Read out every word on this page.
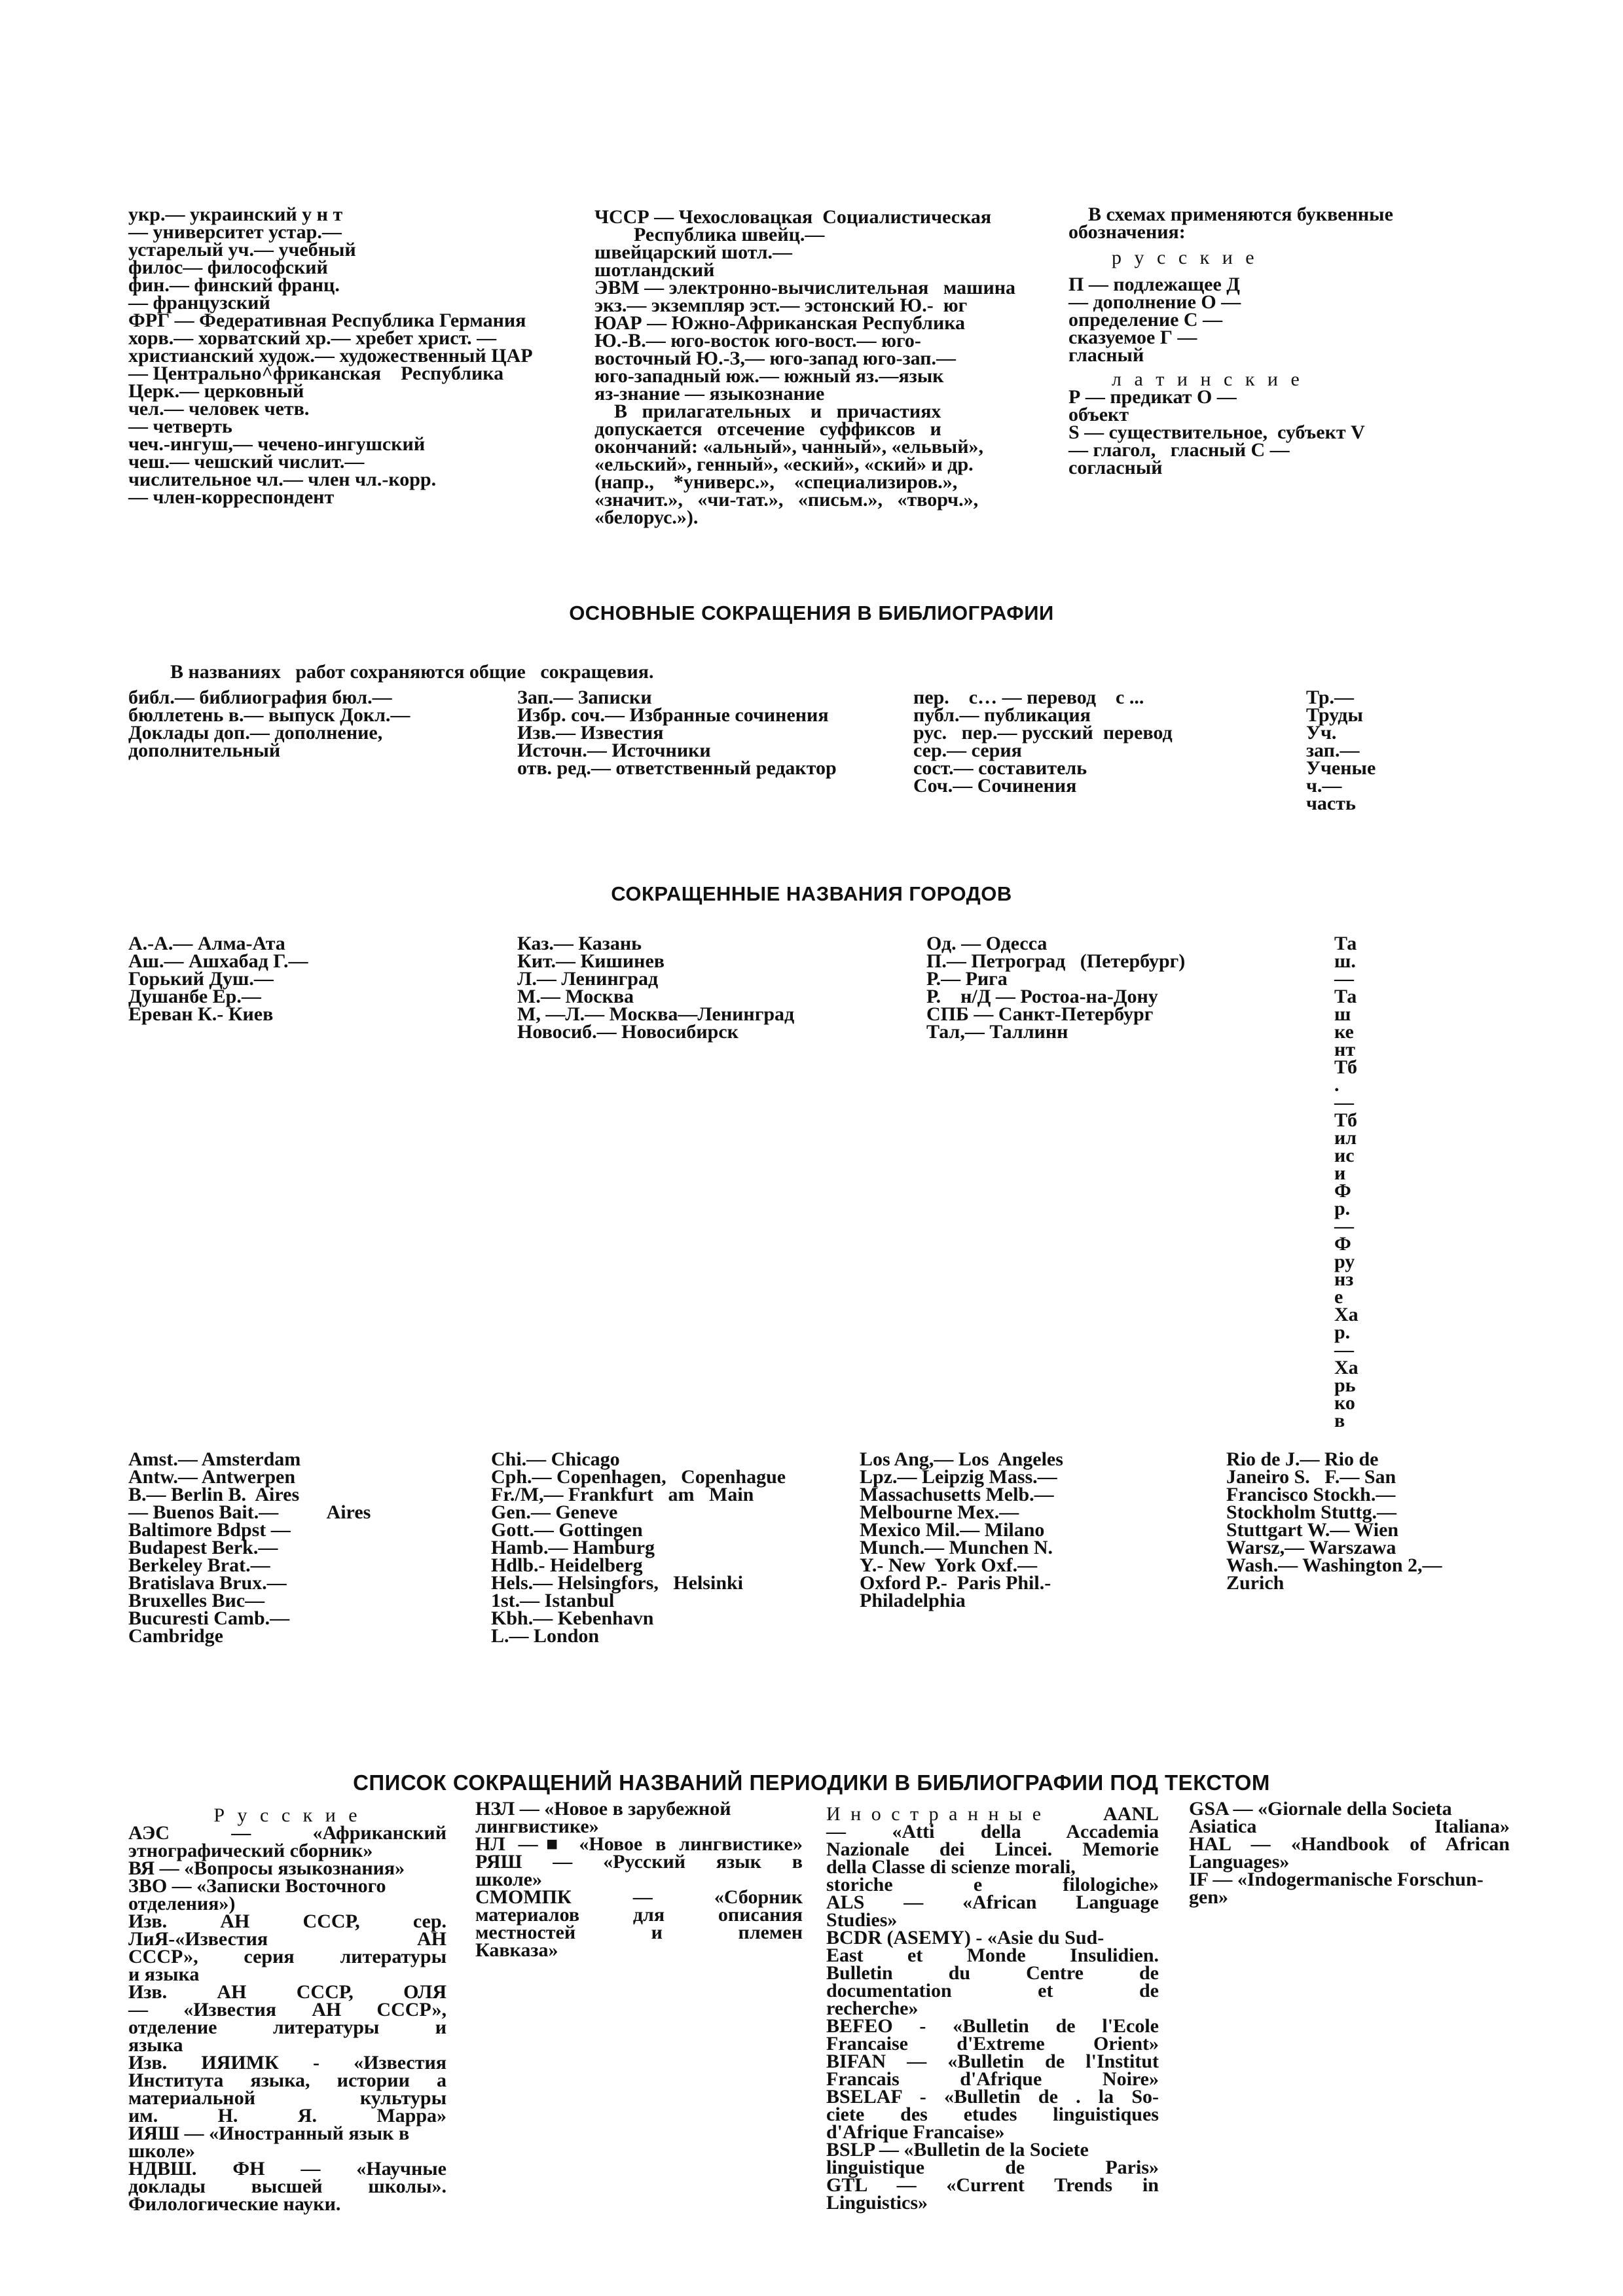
укр.— украинский у н т
— университет устар.—
устарелый уч.— учебный
филос— философский
фин.— финский франц.
— французский
ФРГ — Федеративная Республика Германия
хорв.— хорватский хр.— хребет христ. —
христианский худож.— художественный ЦАР
— Центрально^фриканская    Республика
Церк.— церковный
чел.— человек четв.
— четверть
чеч.-ингуш,— чечено-ингушский
чеш.— чешский числит.—
числительное чл.— член чл.-корр.
— член-корреспондент
ЧССР — Чехословацкая  Социалистическая
Республика швейц.—
швейцарский шотл.—
шотландский
ЭВМ — электронно-вычислительная   машина
экз.— экземпляр эст.— эстонский Ю.-  юг
ЮАР — Южно-Африканская Республика
Ю.-В.— юго-восток юго-вост.— юго-
восточный Ю.-З,— юго-запад юго-зап.—
юго-западный юж.— южный яз.—язык
яз-знание — языкознание
В   прилагательных    и   причастиях
допускается   отсечение   суффиксов   и
окончаний: «альный», чанный», «ельвый»,
«ельский», генный», «еский», «ский» и др.
(напр.,    *универс.»,    «специализиров.»,
«значит.»,   «чи-тат.»,   «письм.»,   «творч.»,
«белорус.»).
В схемах применяются буквенные
обозначения:
р у с с к и е
П — подлежащее Д
— дополнение О —
определение С —
сказуемое Г —
гласный
л а т и н с к и е
Р — предикат О —
объект
S — существительное,  субъект V
— глагол,   гласный С —
согласный
ОСНОВНЫЕ СОКРАЩЕНИЯ В БИБЛИОГРАФИИ
В названиях   работ сохраняются общие   сокращевия.
библ.— библиография бюл.—
бюллетень в.— выпуск Докл.—
Доклады доп.— дополнение,
дополнительный
Зап.— Записки
Избр. соч.— Избранные сочинения
Изв.— Известия
Источн.— Источники
отв. ред.— ответственный редактор
пер.    с… — перевод    с ...
публ.— публикация
рус.   пер.— русский  перевод
сер.— серия
сост.— составитель
Соч.— Сочинения
Тр.—
Труды
Уч.
зап.—
Ученые
ч.—
часть
СОКРАЩЕННЫЕ НАЗВАНИЯ ГОРОДОВ
А.-А.— Алма-Ата
Аш.— Ашхабад Г.—
Горький Душ.—
Душанбе Ер.—
Ереван К.- Киев
Каз.— Казань
Кит.— Кишинев
Л.— Ленинград
М.— Москва
М, —Л.— Москва—Ленинград
Новосиб.— Новосибирск
Од. — Одесса
П.— Петроград   (Петербург)
Р.— Рига
Р.    н/Д — Ростоа-на-Дону
СПБ — Санкт-Петербург
Тал,— Таллинн
Та
ш.
—
Та
ш
ке
нт
Тб
.
—
Тб
ил
ис
и
Ф
р.
—
Ф
ру
нз
е
Ха
р.
—
Ха
рь
ко
в
Amst.— Amsterdam
Antw.— Antwerpen
B.— Berlin B.  Aires
— Buenos Bait.—          Aires
Baltimore Bdpst —
Budapest Berk.—
Berkeley Brat.—
Bratislava Brux.—
Bruxelles Вис—
Bucuresti Camb.—
Cambridge
Chi.— Chicago
Cph.— Copenhagen,   Copenhague
Fr./M,— Frankfurt   am   Main
Gen.— Geneve
Gott.— Gottingen
Hamb.— Hamburg
Hdlb.- Heidelberg
Hels.— Helsingfors,   Helsinki
1st.— Istanbul
Kbh.— Kebenhavn
L.— London
Los Ang,— Los  Angeles
Lpz.— Leipzig Mass.—
Massachusetts Melb.—
Melbourne Mex.—
Mexico Mil.— Milano
Munch.— Munchen N.
Y.- New  York Oxf.—
Oxford P.-  Paris Phil.-
Philadelphia
Rio de J.— Rio de
Janeiro S.   F.— San
Francisco Stockh.—
Stockholm Stuttg.—
Stuttgart W.— Wien
Warsz,— Warszawa
Wash.— Washington 2,—
Zurich
СПИСОК СОКРАЩЕНИЙ НАЗВАНИЙ ПЕРИОДИКИ В БИБЛИОГРАФИИ ПОД ТЕКСТОМ
Р у с с к и е
АЭС — «Африканский
этнографический сборник»
ВЯ — «Вопросы языкознания»
ЗВО — «Записки Восточного
отделения»)
Изв. АН СССР, сер.
ЛиЯ-«Известия АН
СССР», серия литературы
и языка
Изв. АН СССР, ОЛЯ
— «Известия АН СССР»,
отделение литературы и
языка
Изв. ИЯИМК - «Известия
Института языка, истории а
материальной культуры
им. Н. Я. Марра»
ИЯШ — «Иностранный язык в
школе»
НДВШ. ФН — «Научные
доклады высшей школы».
Филологические науки.
НЗЛ — «Новое в зарубежной
лингвистике»
НЛ —■ «Новое в лингвистике»
РЯШ — «Русский язык в
школе»
СМОМПК — «Сборник
материалов для описания
местностей и племен
Кавказа»
И н о с т р а н н ы е	AANL
— «Atti della Accademia
Nazionale dei Lincei. Memorie
della Classe di scienze morali,
storiche e filologiche»
ALS — «African Language
Studies»
BCDR (ASEMY) - «Asie du Sud-
East et Monde Insulidien.
Bulletin du Centre de
documentation et de
recherche»
BEFEO - «Bulletin de l'Ecole
Francaise d'Extreme Orient»
BIFAN — «Bulletin de l'Institut
Francais d'Afrique Noire»
BSELAF - «Bulletin de . la So-
ciete des etudes linguistiques
d'Afrique Francaise»
BSLP — «Bulletin de la Societe
linguistique de Paris»
GTL — «Current Trends in
Linguistics»
GSA — «Giornale della Societa
Asiatica Italiana»
HAL — «Handbook of African
Languages»
IF — «Indogermanische Forschun-
gen»
